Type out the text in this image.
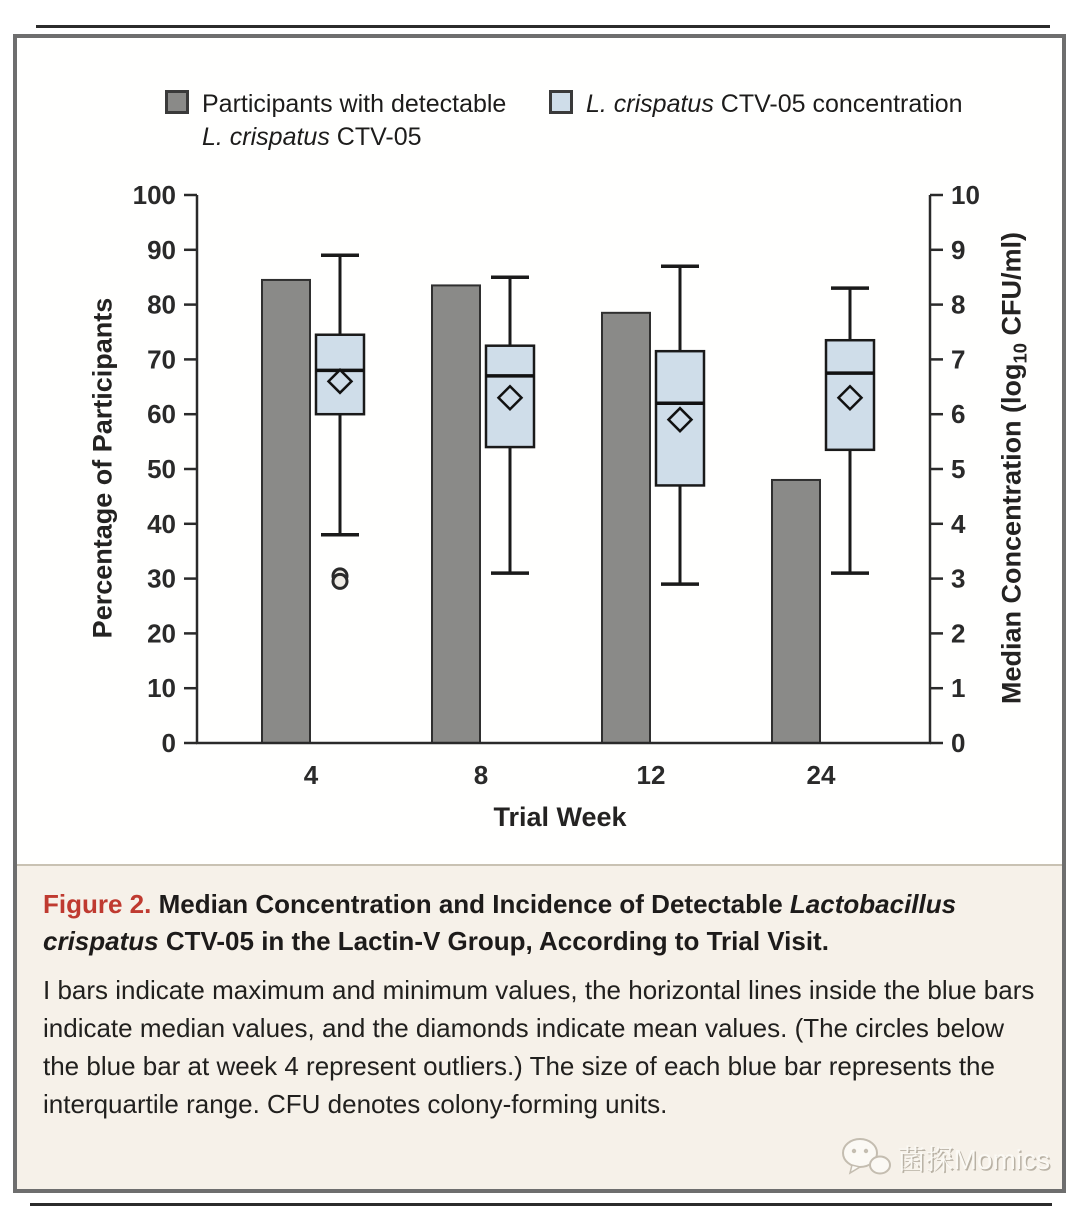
Participants with detectable
L. crispatus CTV-05
L. crispatus CTV-05 concentration
0
10
20
30
40
50
60
70
80
90
100
0
1
2
3
4
5
6
7
8
9
10
4	8	12	24
Percentage of Participants	Median Concentration ($\log_{10}$ CFU/ml)
Trial Week
Figure 2. Median Concentration and Incidence of Detectable Lactobacillus crispatus CTV-05 in the Lactin-V Group, According to Trial Visit.
I bars indicate maximum and minimum values, the horizontal lines inside the blue bars indicate median values, and the diamonds indicate mean values. (The circles below the blue bar at week 4 represent outliers.) The size of each blue bar represents the interquartile range. CFU denotes colony-forming units.
菌探Momics
